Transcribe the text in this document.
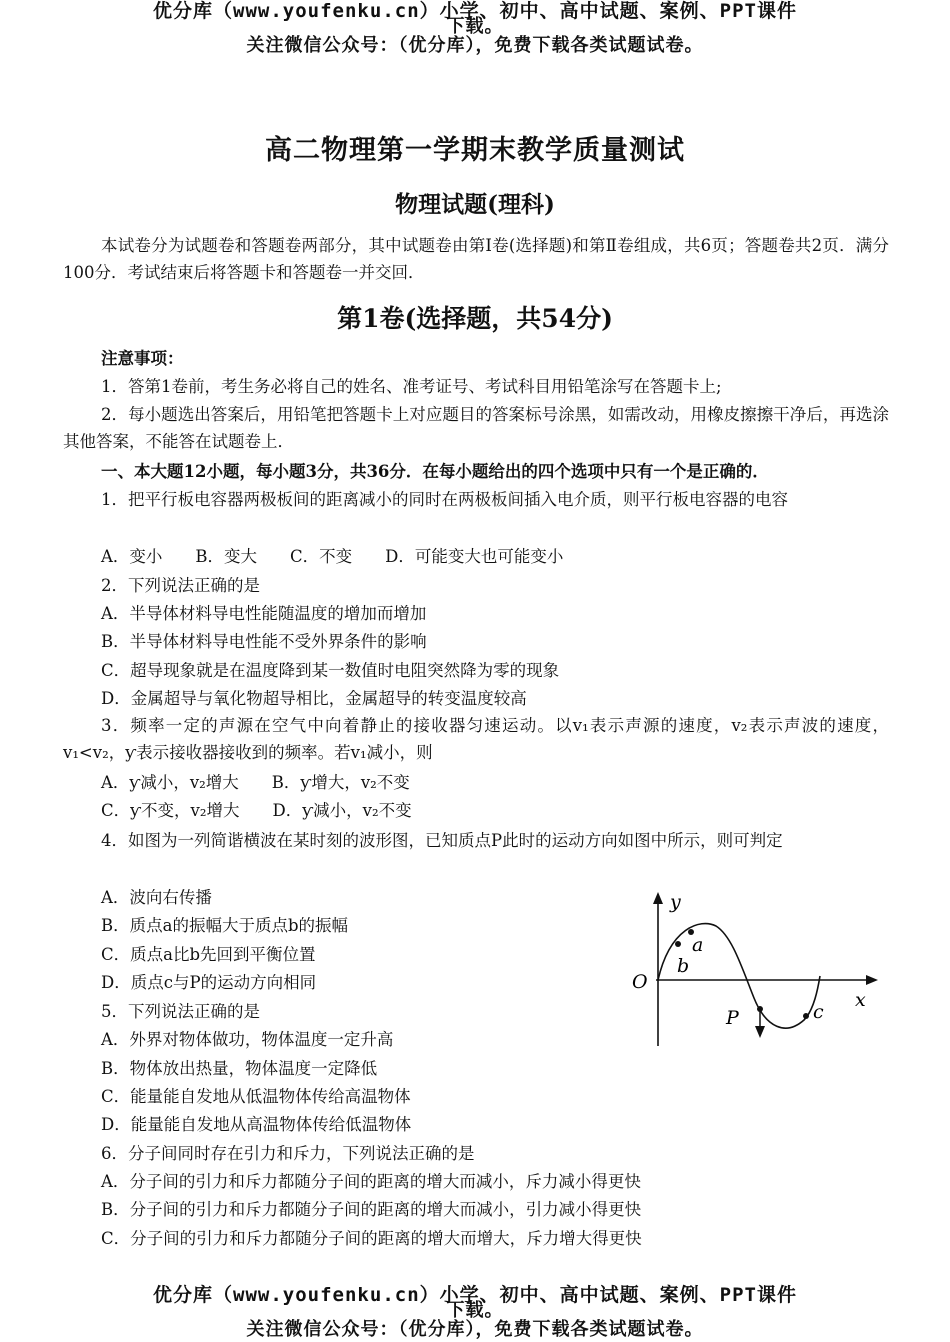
优分库（www.youfenku.cn）小学、初中、高中试题、案例、PPT课件
下载。
关注微信公众号：（优分库），免费下载各类试题试卷。
高二物理第一学期末教学质量测试
物理试题(理科)
本试卷分为试题卷和答题卷两部分，其中试题卷由第Ⅰ卷(选择题)和第Ⅱ卷组成，共6页；答题卷共2页．满分100分．考试结束后将答题卡和答题卷一并交回．
第1卷(选择题，共54分)
注意事项：
1．答第1卷前，考生务必将自己的姓名、准考证号、考试科目用铅笔涂写在答题卡上;
2．每小题选出答案后，用铅笔把答题卡上对应题目的答案标号涂黑，如需改动，用橡皮擦擦干净后，再选涂其他答案，不能答在试题卷上．
一、本大题12小题，每小题3分，共36分．在每小题给出的四个选项中只有一个是正确的．
1．把平行板电容器两极板间的距离减小的同时在两极板间插入电介质，则平行板电容器的电容
A．变小　　B．变大　　C．不变　　D．可能变大也可能变小
2．下列说法正确的是
A．半导体材料导电性能随温度的增加而增加
B．半导体材料导电性能不受外界条件的影响
C．超导现象就是在温度降到某一数值时电阻突然降为零的现象
D．金属超导与氧化物超导相比，金属超导的转变温度较高
3．频率一定的声源在空气中向着静止的接收器匀速运动。以v₁表示声源的速度，v₂表示声波的速度，v₁<v₂，ƴ表示接收器接收到的频率。若v₁减小，则
A．ƴ减小，v₂增大　　B．ƴ增大，v₂不变
C．ƴ不变，v₂增大　　D．ƴ减小，v₂不变
4．如图为一列简谐横波在某时刻的波形图，已知质点P此时的运动方向如图中所示，则可判定
A．波向右传播
B．质点a的振幅大于质点b的振幅
C．质点a比b先回到平衡位置
D．质点c与P的运动方向相同
y
x
O
a
b
P	c
5．下列说法正确的是
A．外界对物体做功，物体温度一定升高
B．物体放出热量，物体温度一定降低
C．能量能自发地从低温物体传给高温物体
D．能量能自发地从高温物体传给低温物体
6．分子间同时存在引力和斥力，下列说法正确的是
A．分子间的引力和斥力都随分子间的距离的增大而减小，斥力减小得更快
B．分子间的引力和斥力都随分子间的距离的增大而减小，引力减小得更快
C．分子间的引力和斥力都随分子间的距离的增大而增大，斥力增大得更快
优分库（www.youfenku.cn）小学、初中、高中试题、案例、PPT课件
下载。
关注微信公众号：（优分库），免费下载各类试题试卷。
